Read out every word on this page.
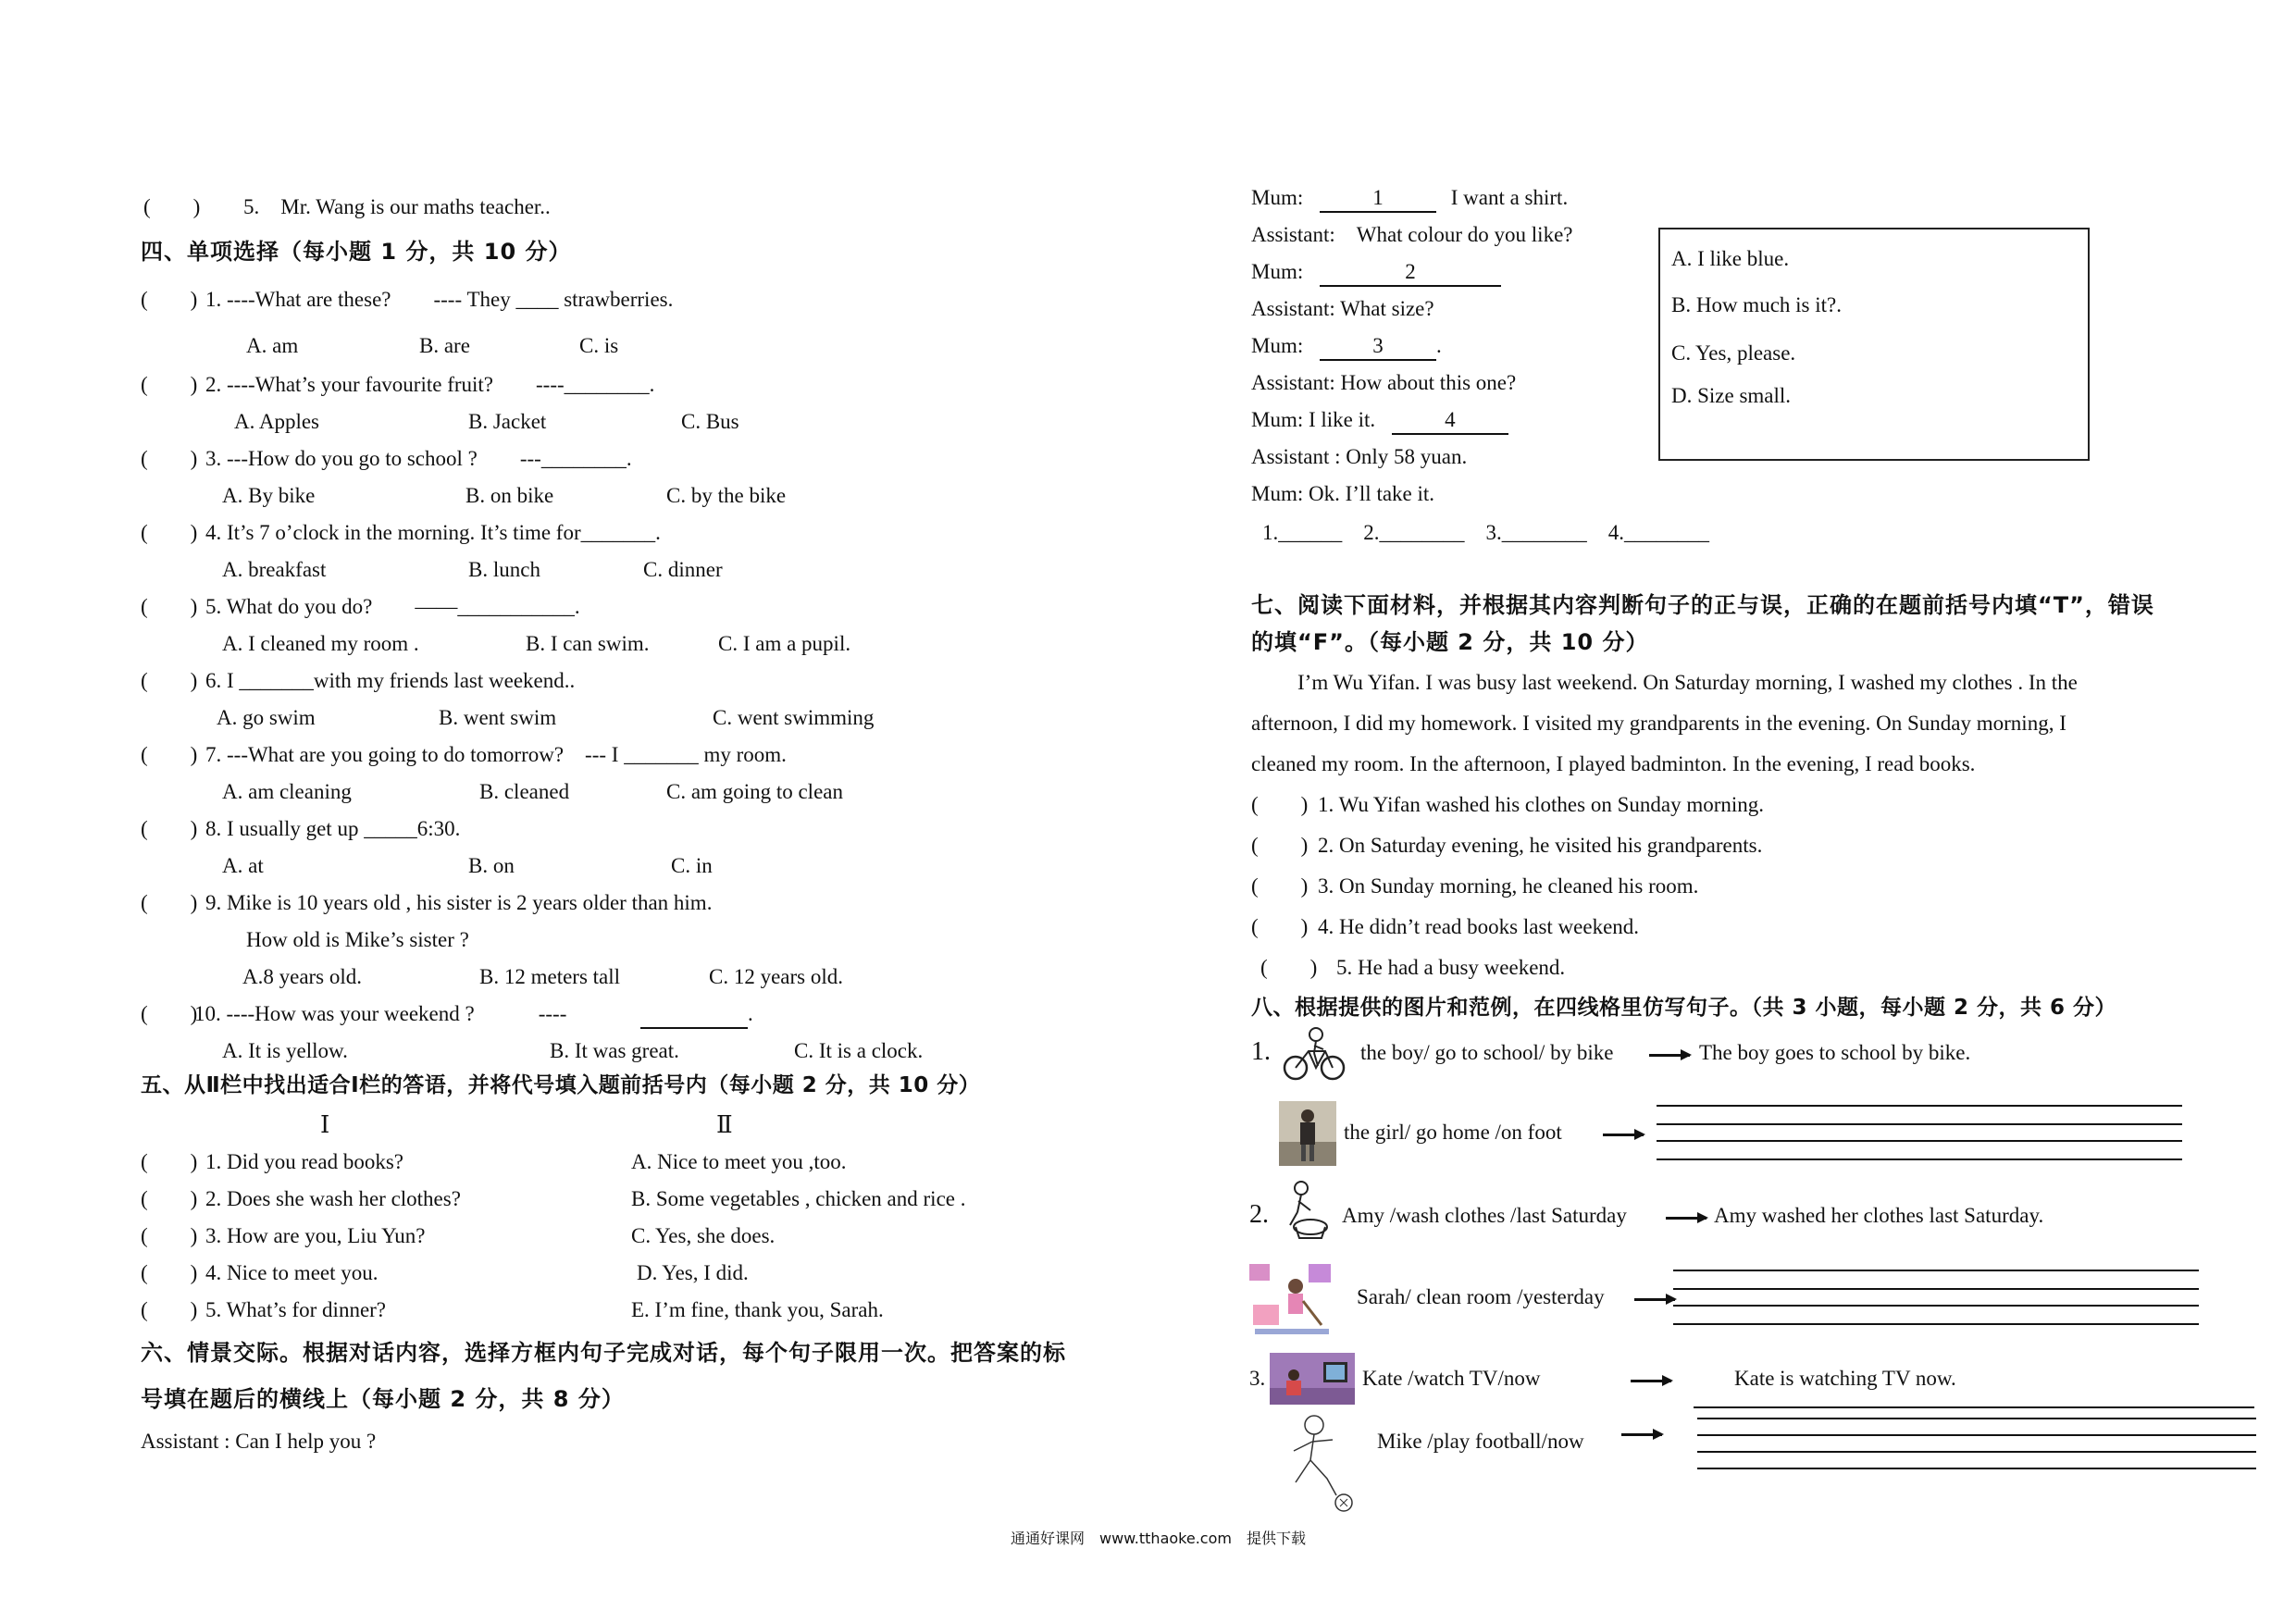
(　　) 5.　Mr. Wang is our maths teacher..
四、单项选择（每小题 1 分，共 10 分）
(　　) 1. ----What are these?　　---- They ____ strawberries.
A. am	B. are	C. is
(　　) 2. ----What’s your favourite fruit?　　----________.
A. Apples	B. Jacket	C. Bus
(　　) 3. ---How do you go to school ?　　---________.
A. By bike	B. on bike	C. by the bike
(　　) 4. It’s 7 o’clock in the morning. It’s time for_______.
A. breakfast	B. lunch	C. dinner
(　　) 5. What do you do?　　——___________.
A. I cleaned my room .	B. I can swim.	C. I am a pupil.
(　　) 6. I _______with my friends last weekend..
A. go swim	B. went swim	C. went swimming
(　　) 7. ---What are you going to do tomorrow?　--- I _______ my room.
A. am cleaning	B. cleaned	C. am going to clean
(　　) 8. I usually get up _____6:30.
A. at	B. on	C. in
(　　) 9. Mike is 10 years old , his sister is 2 years older than him.
How old is Mike’s sister ?
A.8 years old.	B. 12 meters tall	C. 12 years old.
(　　)
10. ----How was your weekend ?　　　----	.
A. It is yellow.	B. It was great.	C. It is a clock.
五、从Ⅱ栏中找出适合Ⅰ栏的答语，并将代号填入题前括号内（每小题 2 分，共 10 分）
Ⅰ	Ⅱ
(　　) 1. Did you read books?	A. Nice to meet you ,too.
(　　) 2. Does she wash her clothes?	B. Some vegetables , chicken and rice .
(　　) 3. How are you, Liu Yun?	C. Yes, she does.
(　　) 4. Nice to meet you.	D. Yes, I did.
(　　) 5. What’s for dinner?	E. I’m fine, thank you, Sarah.
六、情景交际。根据对话内容，选择方框内句子完成对话，每个句子限用一次。把答案的标
号填在题后的横线上（每小题 2 分，共 8 分）
Assistant : Can I help you ?
Mum:	1	I want a shirt.
Assistant:　What colour do you like?
Mum:	2
Assistant: What size?
Mum:	3 .
Assistant: How about this one?
Mum: I like it.	4
Assistant : Only 58 yuan.
Mum: Ok. I’ll take it.
1.______　2.________　3.________　4.________
A. I like blue.
B. How much is it?.
C. Yes, please.
D. Size small.
七、阅读下面材料，并根据其内容判断句子的正与误，正确的在题前括号内填“T”，错误
的填“F”。（每小题 2 分，共 10 分）
I’m Wu Yifan. I was busy last weekend. On Saturday morning, I washed my clothes . In the
afternoon, I did my homework. I visited my grandparents in the evening. On Sunday morning, I
cleaned my room. In the afternoon, I played badminton. In the evening, I read books.
(　　) 1. Wu Yifan washed his clothes on Sunday morning.
(　　) 2. On Saturday evening, he visited his grandparents.
(　　) 3. On Sunday morning, he cleaned his room.
(　　) 4. He didn’t read books last weekend.
(　　) 5. He had a busy weekend.
八、根据提供的图片和范例，在四线格里仿写句子。（共 3 小题，每小题 2 分，共 6 分）
1.	the boy/ go to school/ by bike	The boy goes to school by bike.
the girl/ go home /on foot
2.	Amy /wash clothes /last Saturday	Amy washed her clothes last Saturday.
Sarah/ clean room /yesterday
3.	Kate /watch TV/now	Kate is watching TV now.
Mike /play football/now
通通好课网　www.tthaoke.com　提供下载
